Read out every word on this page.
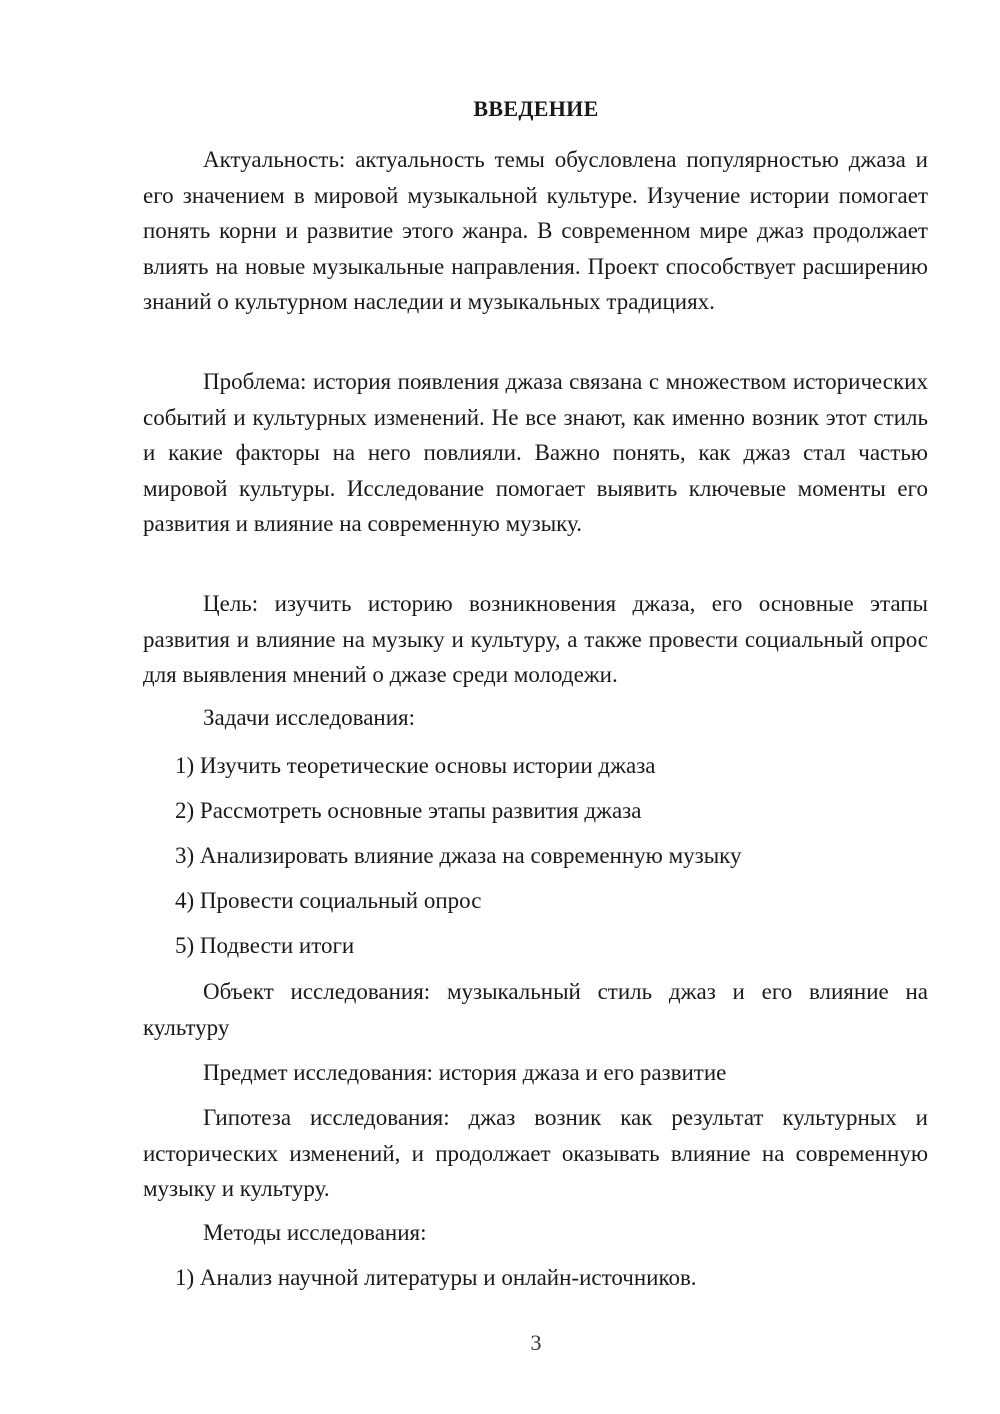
ВВЕДЕНИЕ

Актуальность: актуальность темы обусловлена популярностью джаза и его значением в мировой музыкальной культуре. Изучение истории помогает понять корни и развитие этого жанра. В современном мире джаз продолжает влиять на новые музыкальные направления. Проект способствует расширению знаний о культурном наследии и музыкальных традициях.

Проблема: история появления джаза связана с множеством исторических событий и культурных изменений. Не все знают, как именно возник этот стиль и какие факторы на него повлияли. Важно понять, как джаз стал частью мировой культуры. Исследование помогает выявить ключевые моменты его развития и влияние на современную музыку.

Цель: изучить историю возникновения джаза, его основные этапы развития и влияние на музыку и культуру, а также провести социальный опрос для выявления мнений о джазе среди молодежи.

Задачи исследования:

1) Изучить теоретические основы истории джаза

2) Рассмотреть основные этапы развития джаза

3) Анализировать влияние джаза на современную музыку

4) Провести социальный опрос

5) Подвести итоги

Объект исследования: музыкальный стиль джаз и его влияние на культуру

Предмет исследования: история джаза и его развитие

Гипотеза исследования: джаз возник как результат культурных и исторических изменений, и продолжает оказывать влияние на современную музыку и культуру.

Методы исследования:

1) Анализ научной литературы и онлайн-источников.

3
